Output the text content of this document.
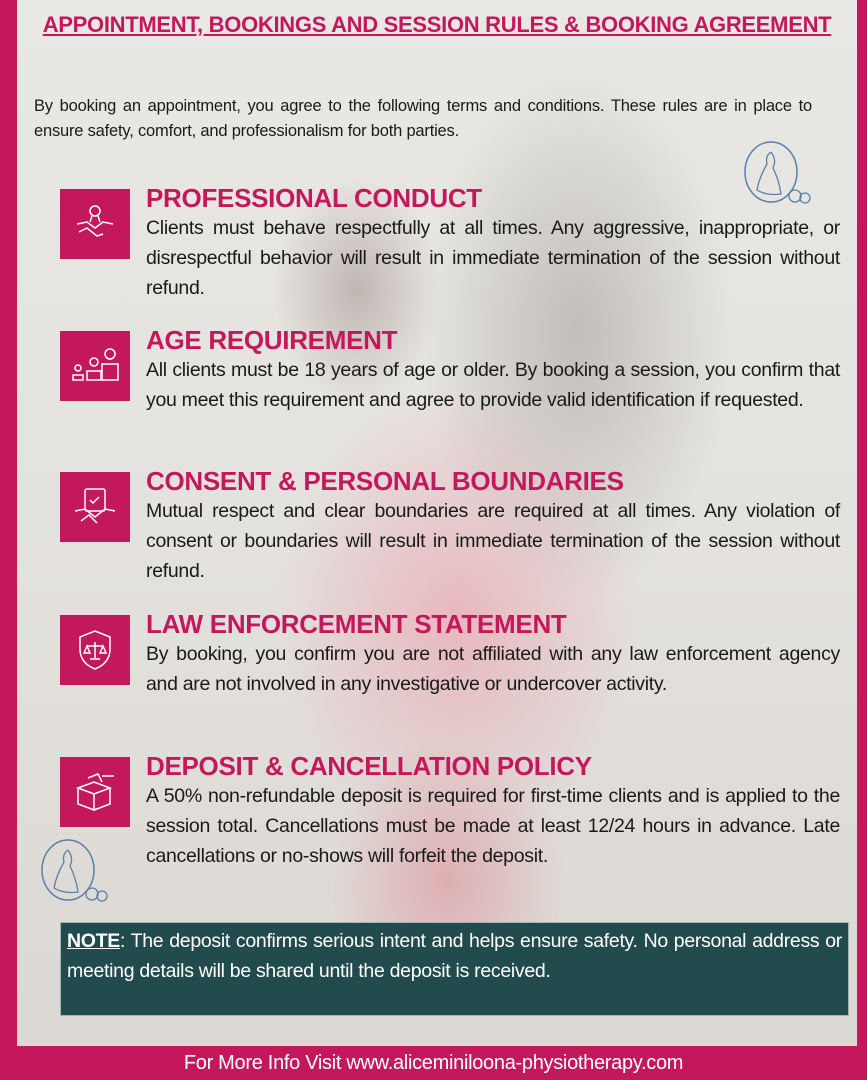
APPOINTMENT, BOOKINGS AND SESSION RULES & BOOKING AGREEMENT
By booking an appointment, you agree to the following terms and conditions. These rules are in place to ensure safety, comfort, and professionalism for both parties.
PROFESSIONAL CONDUCT
Clients must behave respectfully at all times. Any aggressive, inappropriate, or disrespectful behavior will result in immediate termination of the session without refund.
AGE REQUIREMENT
All clients must be 18 years of age or older. By booking a session, you confirm that you meet this requirement and agree to provide valid identification if requested.
CONSENT & PERSONAL BOUNDARIES
Mutual respect and clear boundaries are required at all times. Any violation of consent or boundaries will result in immediate termination of the session without refund.
LAW ENFORCEMENT STATEMENT
By booking, you confirm you are not affiliated with any law enforcement agency and are not involved in any investigative or undercover activity.
DEPOSIT & CANCELLATION POLICY
A 50% non-refundable deposit is required for first-time clients and is applied to the session total. Cancellations must be made at least 12/24 hours in advance. Late cancellations or no-shows will forfeit the deposit.
NOTE: The deposit confirms serious intent and helps ensure safety. No personal address or meeting details will be shared until the deposit is received.
For More Info Visit www.aliceminiloona-physiotherapy.com
